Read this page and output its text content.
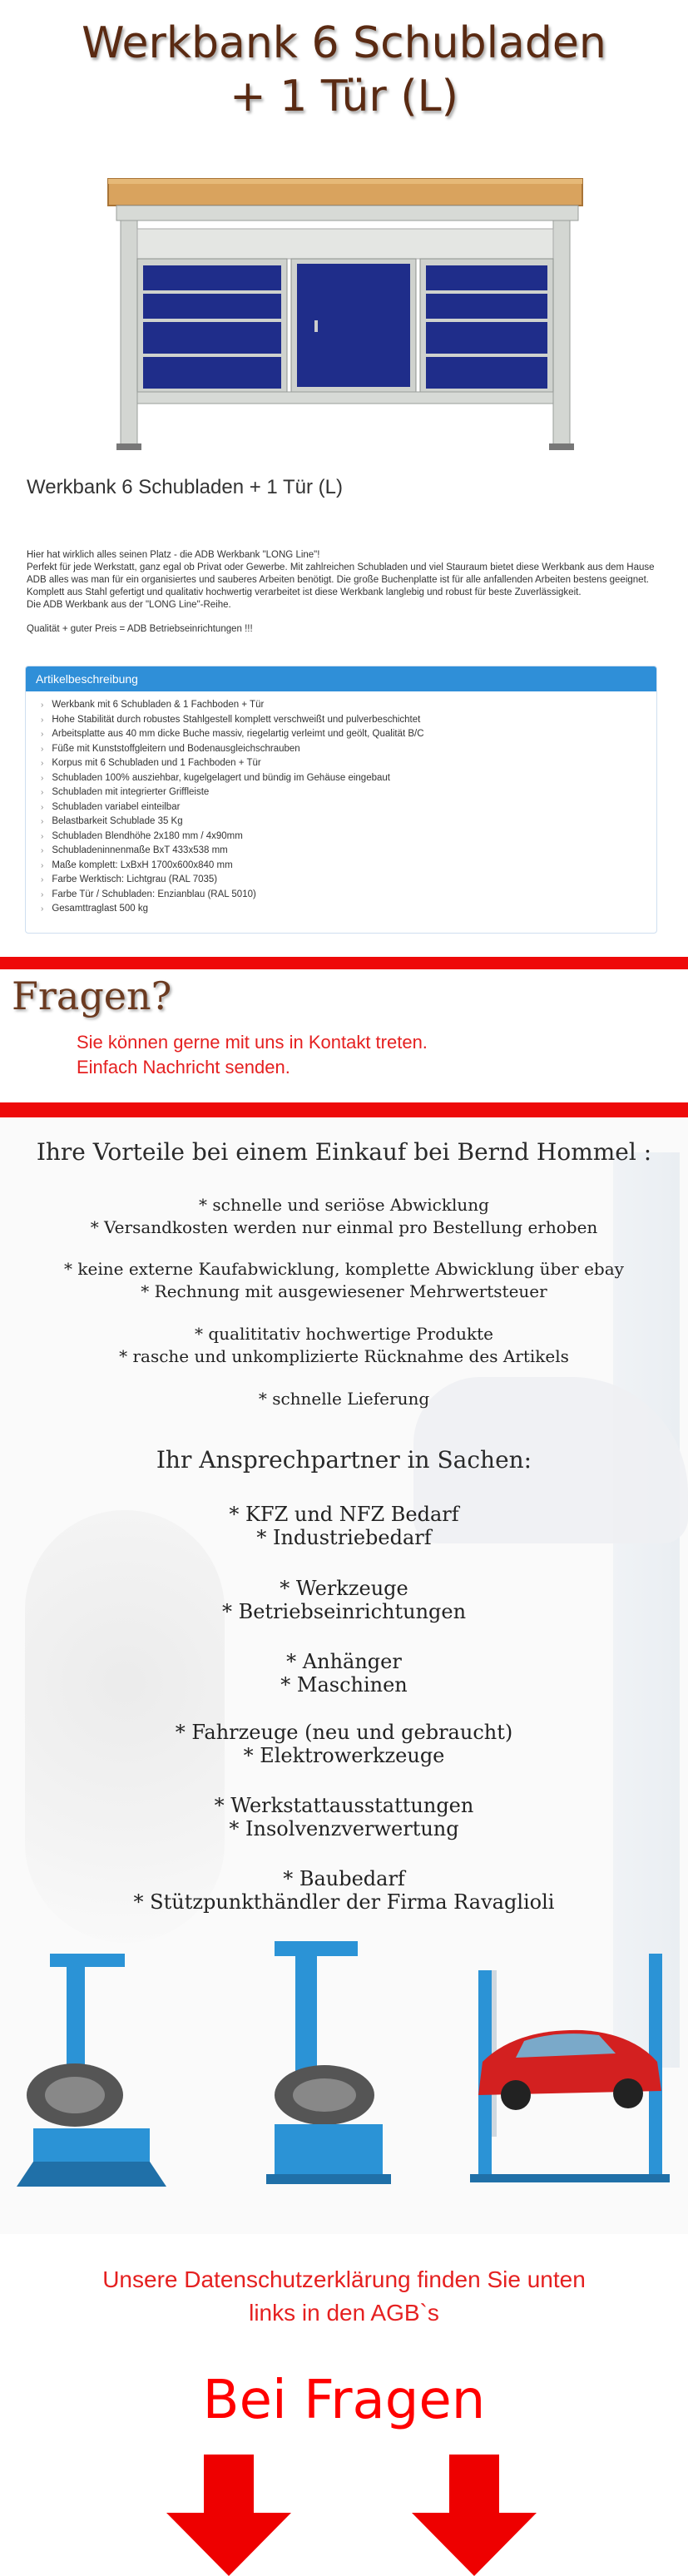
Werkbank 6 Schubladen
+ 1 Tür (L)
Werkbank 6 Schubladen + 1 Tür (L)

Hier hat wirklich alles seinen Platz - die ADB Werkbank "LONG Line"!

Perfekt für jede Werkstatt, ganz egal ob Privat oder Gewerbe. Mit zahlreichen Schubladen und viel Stauraum bietet diese Werkbank aus dem Hause ADB alles was man für ein organisiertes und sauberes Arbeiten benötigt. Die große Buchenplatte ist für alle anfallenden Arbeiten bestens geeignet. Komplett aus Stahl gefertigt und qualitativ hochwertig verarbeitet ist diese Werkbank langlebig und robust für beste Zuverlässigkeit.

Die ADB Werkbank aus der "LONG Line"-Reihe.

Qualität + guter Preis = ADB Betriebseinrichtungen !!!

Artikelbeschreibung
› Werkbank mit 6 Schubladen & 1 Fachboden + Tür
› Hohe Stabilität durch robustes Stahlgestell komplett verschweißt und pulverbeschichtet
› Arbeitsplatte aus 40 mm dicke Buche massiv, riegelartig verleimt und geölt, Qualität B/C
› Füße mit Kunststoffgleitern und Bodenausgleichschrauben
› Korpus mit 6 Schubladen und 1 Fachboden + Tür
› Schubladen 100% ausziehbar, kugelgelagert und bündig im Gehäuse eingebaut
› Schubladen mit integrierter Griffleiste
› Schubladen variabel einteilbar
› Belastbarkeit Schublade 35 Kg
› Schubladen Blendhöhe 2x180 mm / 4x90mm
› Schubladeninnenmaße BxT 433x538 mm
› Maße komplett: LxBxH 1700x600x840 mm
› Farbe Werktisch: Lichtgrau (RAL 7035)
› Farbe Tür / Schubladen: Enzianblau (RAL 5010)
› Gesamttraglast 500 kg
Fragen?
Sie können gerne mit uns in Kontakt treten.
Einfach Nachricht senden.
Ihre Vorteile bei einem Einkauf bei Bernd Hommel :
* schnelle und seriöse Abwicklung
* Versandkosten werden nur einmal pro Bestellung erhoben
* keine externe Kaufabwicklung, komplette Abwicklung über ebay
* Rechnung mit ausgewiesener Mehrwertsteuer
* qualititativ hochwertige Produkte
* rasche und unkomplizierte Rücknahme des Artikels
* schnelle Lieferung
Ihr Ansprechpartner in Sachen:
* KFZ und NFZ Bedarf
* Industriebedarf
* Werkzeuge
* Betriebseinrichtungen
* Anhänger
* Maschinen
* Fahrzeuge (neu und gebraucht)
* Elektrowerkzeuge
* Werkstattausstattungen
* Insolvenzverwertung
* Baubedarf
* Stützpunkthändler der Firma Ravaglioli
Unsere Datenschutzerklärung finden Sie unten
links in den AGB`s
Bei Fragen
